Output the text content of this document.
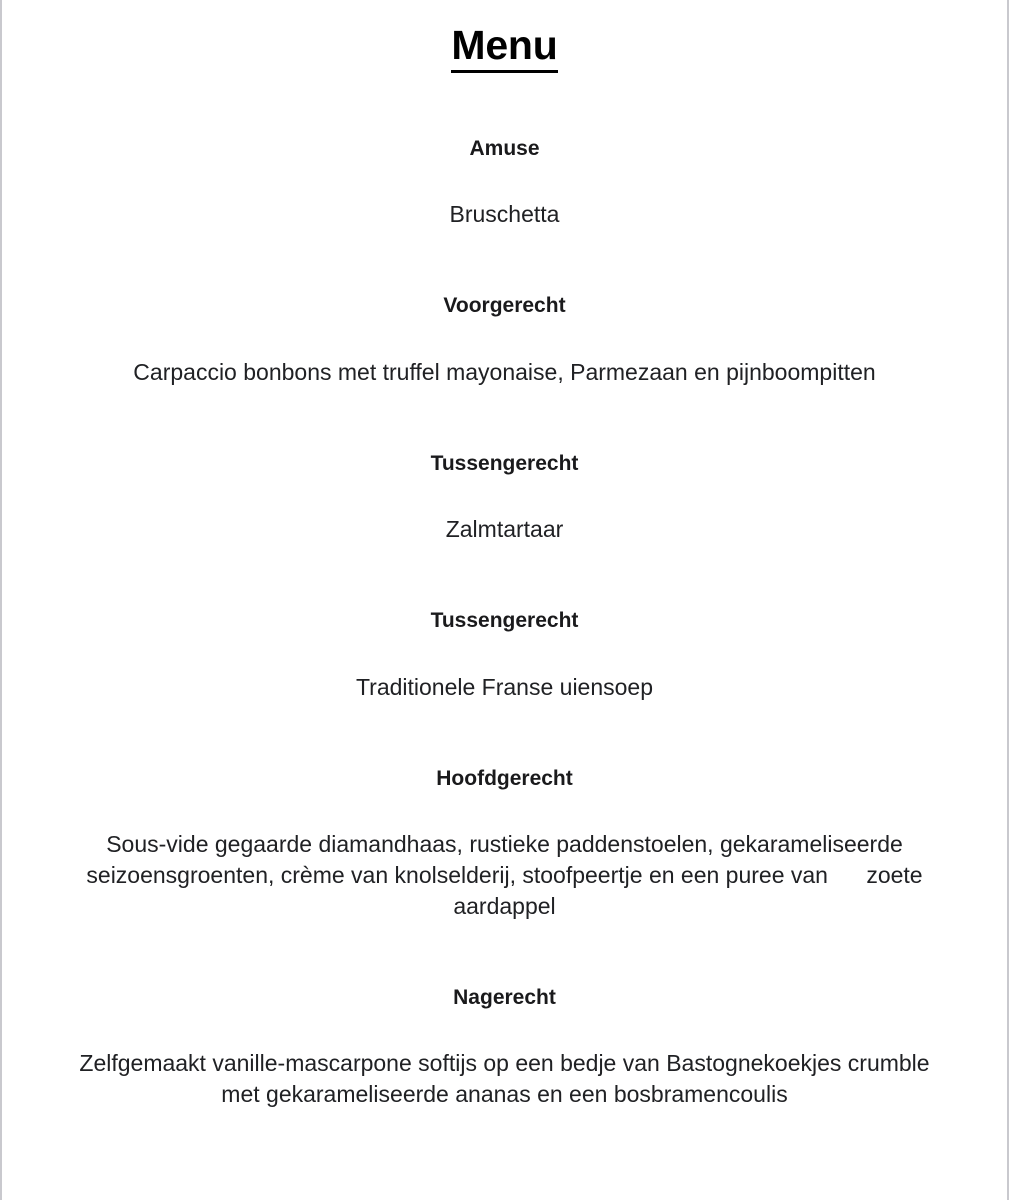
Menu
Amuse

Bruschetta

Voorgerecht

Carpaccio bonbons met truffel mayonaise, Parmezaan en pijnboompitten

Tussengerecht

Zalmtartaar

Tussengerecht

Traditionele Franse uiensoep

Hoofdgerecht

Sous-vide gegaarde diamandhaas, rustieke paddenstoelen, gekarameliseerde seizoensgroenten, crème van knolselderij, stoofpeertje en een puree van      zoete aardappel

Nagerecht

Zelfgemaakt vanille-mascarpone softijs op een bedje van Bastognekoekjes crumble met gekarameliseerde ananas en een bosbramencoulis
